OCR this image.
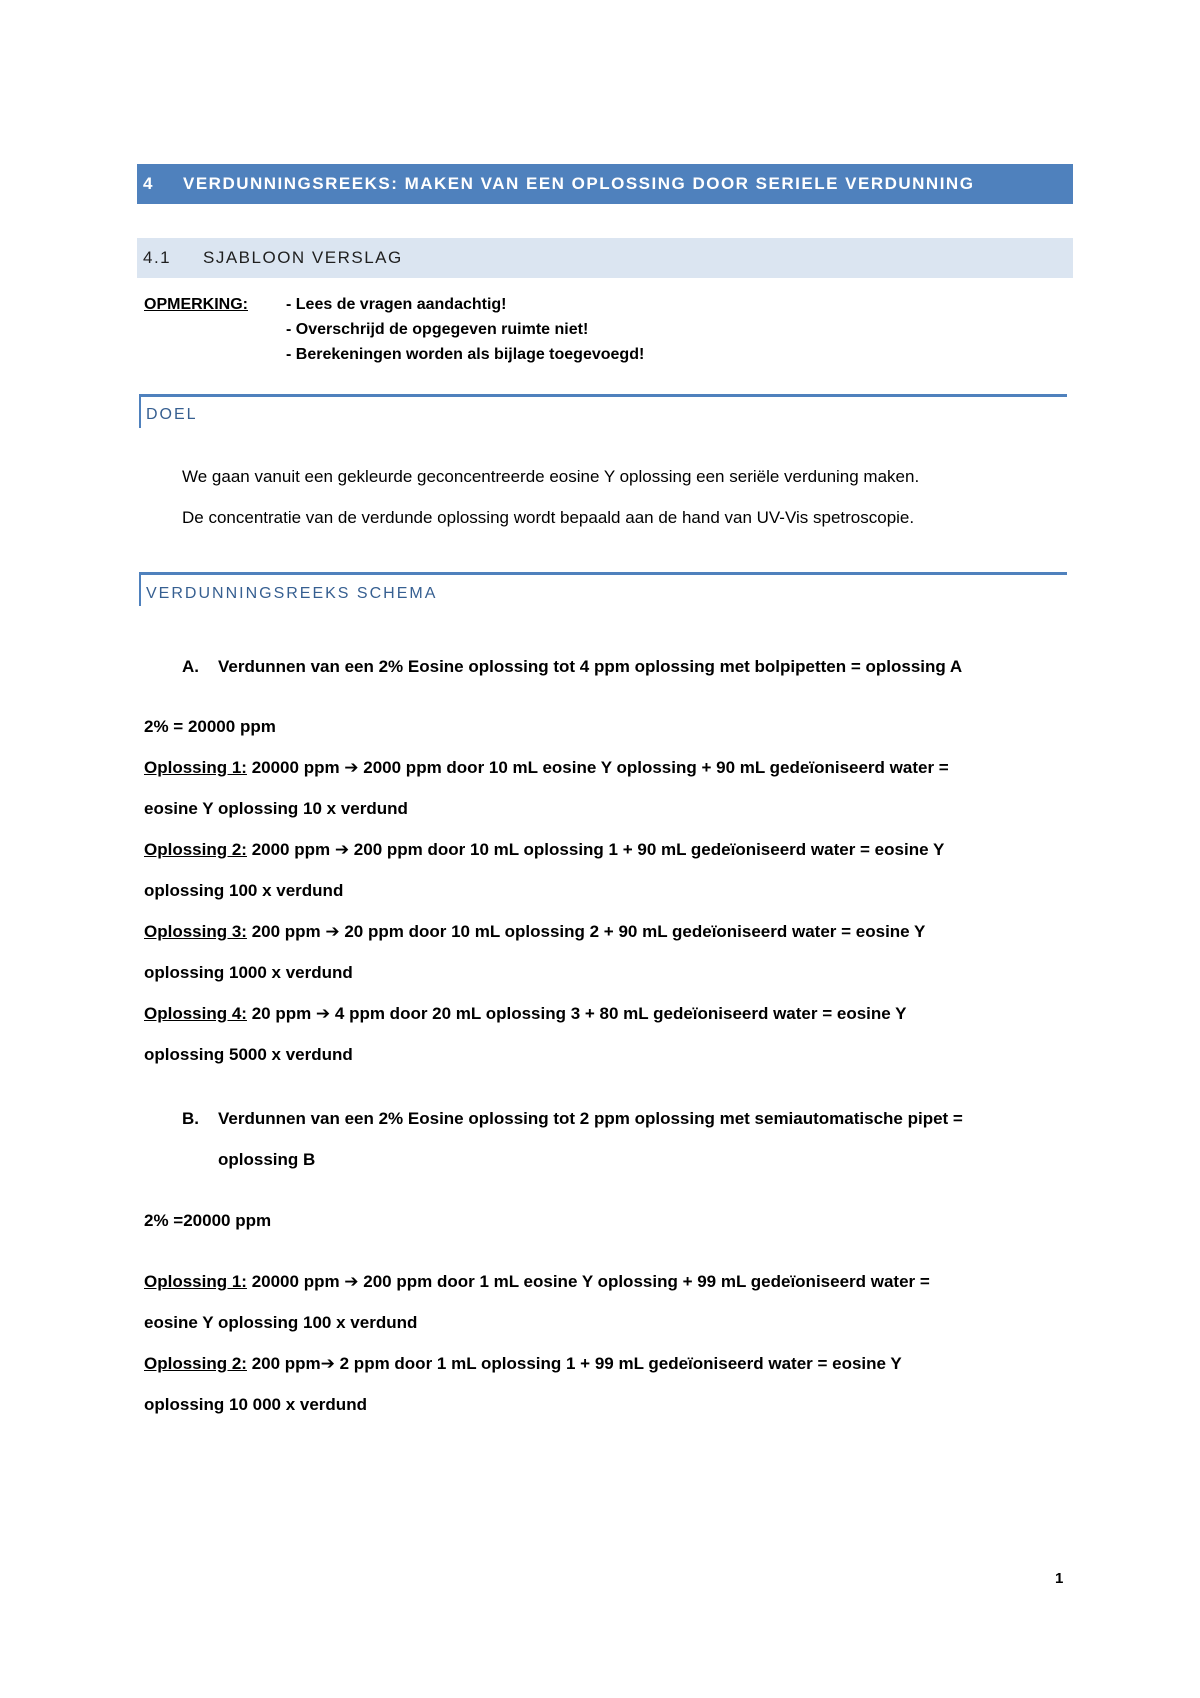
4 VERDUNNINGSREEKS: MAKEN VAN EEN OPLOSSING DOOR SERIELE VERDUNNING
4.1 SJABLOON VERSLAG
OPMERKING: - Lees de vragen aandachtig!
- Overschrijd de opgegeven ruimte niet!
- Berekeningen worden als bijlage toegevoegd!
DOEL
We gaan vanuit een gekleurde geconcentreerde eosine Y oplossing een seriële verduning maken.
De concentratie van de verdunde oplossing wordt bepaald aan de hand van UV-Vis spetroscopie.
VERDUNNINGSREEKS SCHEMA
A. Verdunnen van een 2% Eosine oplossing tot 4 ppm oplossing met bolpipetten = oplossing A
2% = 20000 ppm
Oplossing 1: 20000 ppm ➔ 2000 ppm door 10 mL eosine Y oplossing + 90 mL gedeïoniseerd water =
eosine Y oplossing 10 x verdund
Oplossing 2: 2000 ppm ➔ 200 ppm door 10 mL oplossing 1 + 90 mL gedeïoniseerd water = eosine Y
oplossing 100 x verdund
Oplossing 3: 200 ppm ➔ 20 ppm door 10 mL oplossing 2 + 90 mL gedeïoniseerd water = eosine Y
oplossing 1000 x verdund
Oplossing 4: 20 ppm ➔ 4 ppm door 20 mL oplossing 3 + 80 mL gedeïoniseerd water = eosine Y
oplossing 5000 x verdund
B. Verdunnen van een 2% Eosine oplossing tot 2 ppm oplossing met semiautomatische pipet =
oplossing B
2% =20000 ppm
Oplossing 1: 20000 ppm ➔ 200 ppm door 1 mL eosine Y oplossing + 99 mL gedeïoniseerd water =
eosine Y oplossing 100 x verdund
Oplossing 2: 200 ppm➔ 2 ppm door 1 mL oplossing 1 + 99 mL gedeïoniseerd water = eosine Y
oplossing 10 000 x verdund
1
